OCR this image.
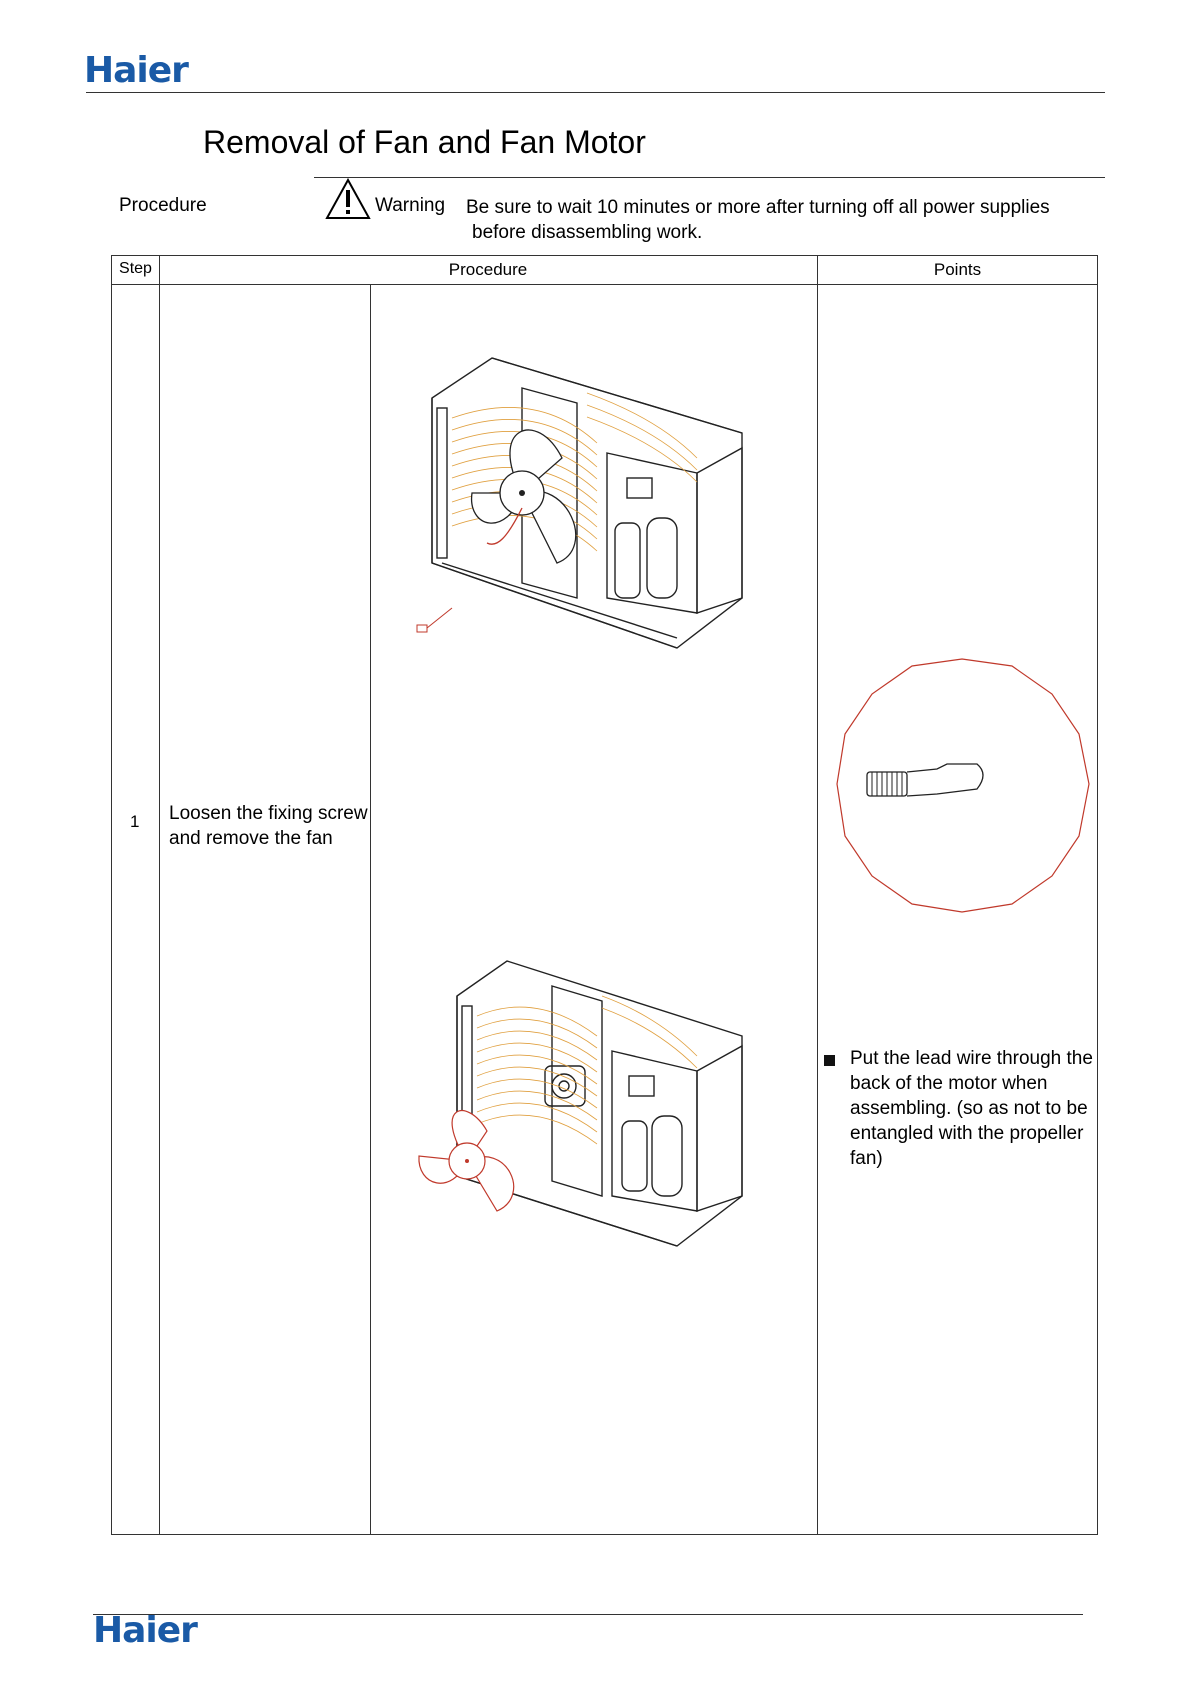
Haier
Removal of Fan and Fan Motor
Procedure	Warning Be sure to wait 10 minutes or more after turning off all power supplies
before disassembling work.
Step	Procedure	Points
1 Loosen the fixing screw
and remove the fan
Put the lead wire through the
back of the motor when
assembling. (so as not to be
entangled with the propeller
fan)
Haier
